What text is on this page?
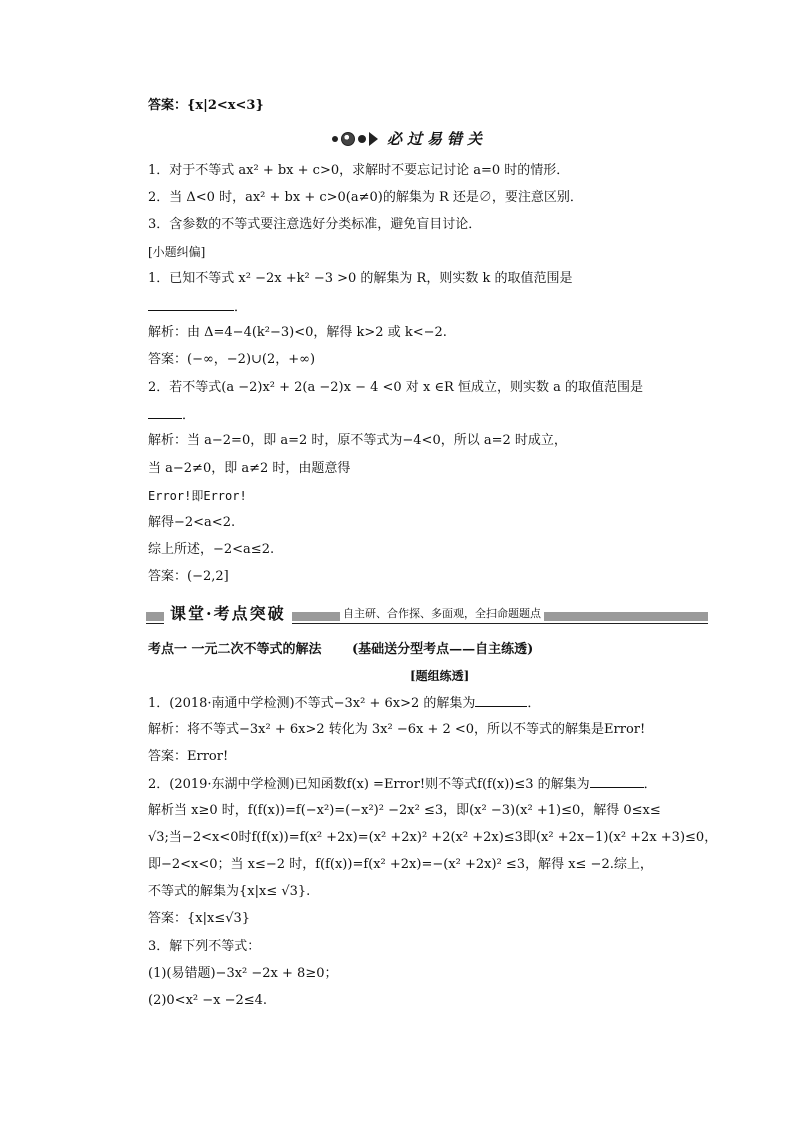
答案：{x|2<x<3}
必过易错关
1．对于不等式 ax² + bx + c>0，求解时不要忘记讨论 a=0 时的情形．
2．当 Δ<0 时，ax² + bx + c>0(a≠0)的解集为 R 还是∅，要注意区别．
3．含参数的不等式要注意选好分类标准，避免盲目讨论．
[小题纠偏]
1．已知不等式 x² −2x +k² −3 >0 的解集为 R，则实数 k 的取值范围是
．
解析：由 Δ=4−4(k²−3)<0，解得 k>2 或 k<−2.
答案：(−∞，−2)∪(2，+∞)
2．若不等式(a −2)x² + 2(a −2)x − 4 <0 对 x ∈R 恒成立，则实数 a 的取值范围是
．
解析：当 a−2=0，即 a=2 时，原不等式为−4<0，所以 a=2 时成立，
当 a−2≠0，即 a≠2 时，由题意得
Error!即Error!
解得−2<a<2.
综上所述，−2<a≤2.
答案：(−2,2]
课堂·考点突破	自主研、合作探、多面观，全扫命题题点
考点一 一元二次不等式的解法 (基础送分型考点——自主练透)
[题组练透]
1．(2018·南通中学检测)不等式−3x² + 6x>2 的解集为	．
解析：将不等式−3x² + 6x>2 转化为 3x² −6x + 2 <0，所以不等式的解集是Error!
答案：Error!
2．(2019·东湖中学检测)已知函数f(x) =Error!则不等式f(f(x))≤3 的解集为	．
解析当 x≥0 时，f(f(x))=f(−x²)=(−x²)² −2x² ≤3，即(x² −3)(x² +1)≤0，解得 0≤x≤
√3;当−2<x<0时f(f(x))=f(x² +2x)=(x² +2x)² +2(x² +2x)≤3即(x² +2x−1)(x² +2x +3)≤0，
即−2<x<0；当 x≤−2 时，f(f(x))=f(x² +2x)=−(x² +2x)² ≤3，解得 x≤ −2.综上，
不等式的解集为{x|x≤ √3}.
答案：{x|x≤√3}
3．解下列不等式：
(1)(易错题)−3x² −2x + 8≥0；
(2)0<x² −x −2≤4.
